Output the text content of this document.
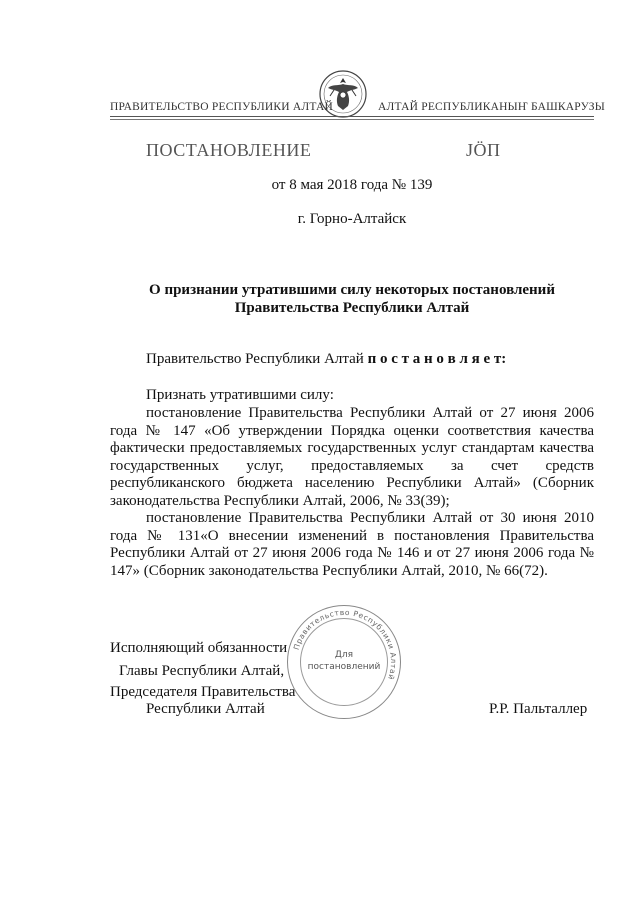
ПРАВИТЕЛЬСТВО РЕСПУБЛИКИ АЛТАЙ	АЛТАЙ РЕСПУБЛИКАНЫҤ БАШКАРУЗЫ
ПОСТАНОВЛЕНИЕ	ЈӦП
от 8 мая 2018 года № 139
г. Горно-Алтайск
О признании утратившими силу некоторых постановлений
Правительства Республики Алтай
Правительство Республики Алтай п о с т а н о в л я е т:
Признать утратившими силу:
постановление Правительства Республики Алтай от 27 июня 2006 года № 147 «Об утверждении Порядка оценки соответствия качества фактически предоставляемых государственных услуг стандартам качества государственных услуг, предоставляемых за счет средств республиканского бюджета населению Республики Алтай» (Сборник законодательства Республики Алтай, 2006, № 33(39);
постановление Правительства Республики Алтай от 30 июня 2010 года № 131«О внесении изменений в постановления Правительства Республики Алтай от 27 июня 2006 года № 146 и от 27 июня 2006 года № 147» (Сборник законодательства Республики Алтай, 2010, № 66(72).
Исполняющий обязанности
Главы Республики Алтай,
Председателя Правительства
Республики Алтай	Р.Р. Пальталлер
Правительство Республики Алтай
Для
постановлений
